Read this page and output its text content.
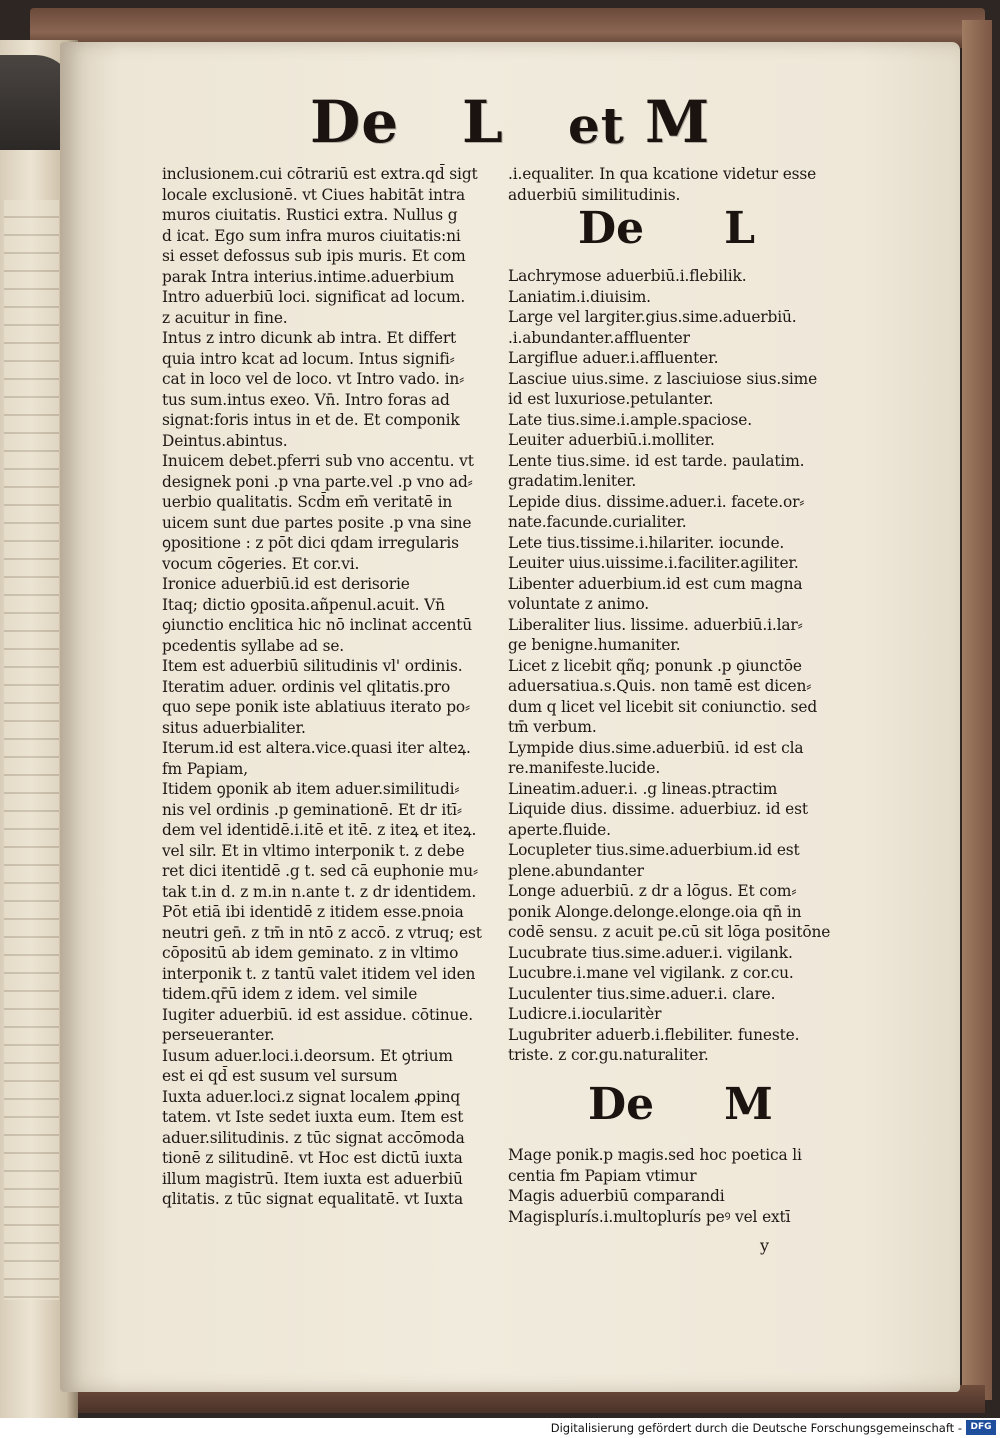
De L et M
inclusionem.cui cōtrariū est extra.qd̄ sigt
locale exclusionē. vt Ciues habitāt intra
muros ciuitatis. Rustici extra. Nullus g
d icat. Ego sum infra muros ciuitatis:ni
si esset defossus sub ipis muris. Et com
parak Intra interius.intime.aduerbium
Intro aduerbiū loci. significat ad locum.
z acuitur in fine.
Intus z intro dicunk ab intra. Et differt
quia intro kcat ad locum. Intus signifi⸗
cat in loco vel de loco. vt Intro vado. in⸗
tus sum.intus exeo. Vn̄. Intro foras ad
signat:foris intus in et de. Et componik
Deintus.abintus.
Inuicem debet.pferri sub vno accentu. vt
designek poni .p vna parte.vel .p vno ad⸗
uerbio qualitatis. Scd̄m em̄ veritatē in
uicem sunt due partes posite .p vna sine
ꝯpositione : z pōt dici qdam irregularis
vocum cōgeries. Et cor.vi.
Ironice aduerbiū.id est derisorie
Itaq; dictio ꝯposita.añpenul.acuit. Vn̄
ꝯiunctio enclitica hic nō inclinat accentū
pcedentis syllabe ad se.
Item est aduerbiū silitudinis vl' ordinis.
Iteratim aduer. ordinis vel qlitatis.pro
quo sepe ponik iste ablatiuus iterato po⸗
situs aduerbialiter.
Iterum.id est altera.vice.quasi iter alteꝝ.
fm Papiam,
Itidem ꝯponik ab item aduer.similitudi⸗
nis vel ordinis .p geminationē. Et dr itī⸗
dem vel identidē.i.itē et itē. z iteꝝ et iteꝝ.
vel silr. Et in vltimo interponik t. z debe
ret dici itentidē .g t. sed cā euphonie mu⸗
tak t.in d. z m.in n.ante t. z dr identidem.
Pōt etiā ibi identidē z itidem esse.pnoia
neutri gen̄. z tm̄ in ntō z accō. z vtruq; est
cōpositū ab idem geminato. z in vltimo
interponik t. z tantū valet itidem vel iden
tidem.qr̄ū idem z idem. vel simile
Iugiter aduerbiū. id est assidue. cōtinue.
perseueranter.
Iusum aduer.loci.i.deorsum. Et ꝯtrium
est ei qd̄ est susum vel sursum
Iuxta aduer.loci.z signat localem ꝓpinq
tatem. vt Iste sedet iuxta eum. Item est
aduer.silitudinis. z tūc signat accōmoda
tionē z silitudinē. vt Hoc est dictū iuxta
illum magistrū. Item iuxta est aduerbiū
qlitatis. z tūc signat equalitatē. vt Iuxta
.i.equaliter. In qua kcatione videtur esse
aduerbiū similitudinis.
De L
Lachrymose aduerbiū.i.flebilik.
Laniatim.i.diuisim.
Large vel largiter.gius.sime.aduerbiū.
.i.abundanter.affluenter
Largiflue aduer.i.affluenter.
Lasciue uius.sime. z lasciuiose sius.sime
id est luxuriose.petulanter.
Late tius.sime.i.ample.spaciose.
Leuiter aduerbiū.i.molliter.
Lente tius.sime. id est tarde. paulatim.
gradatim.leniter.
Lepide dius. dissime.aduer.i. facete.or⸗
nate.facunde.curialiter.
Lete tius.tissime.i.hilariter. iocunde.
Leuiter uius.uissime.i.faciliter.agiliter.
Libenter aduerbium.id est cum magna
voluntate z animo.
Liberaliter lius. lissime. aduerbiū.i.lar⸗
ge benigne.humaniter.
Licet z licebit qñq; ponunk .p ꝯiunctōe
aduersatiua.s.Quis. non tamē est dicen⸗
dum q licet vel licebit sit coniunctio. sed
tm̄ verbum.
Lympide dius.sime.aduerbiū. id est cla
re.manifeste.lucide.
Lineatim.aduer.i. .g lineas.ptractim
Liquide dius. dissime. aduerbiuz. id est
aperte.fluide.
Locupleter tius.sime.aduerbium.id est
plene.abundanter
Longe aduerbiū. z dr a lōgus. Et com⸗
ponik Alonge.delonge.elonge.oia qn̄ in
codē sensu. z acuit pe.cū sit lōga positōne
Lucubrate tius.sime.aduer.i. vigilank.
Lucubre.i.mane vel vigilank. z cor.cu.
Luculenter tius.sime.aduer.i. clare.
Ludicre.i.iocularitèr
Lugubriter aduerb.i.flebiliter. funeste.
triste. z cor.gu.naturaliter.
De M
Mage ponik.p magis.sed hoc poetica li
centia fm Papiam vtimur
Magis aduerbiū comparandi
Magisplurís.i.multoplurís peꝰ vel extī
y
Digitalisierung gefördert durch die Deutsche Forschungsgemeinschaft - DFG
